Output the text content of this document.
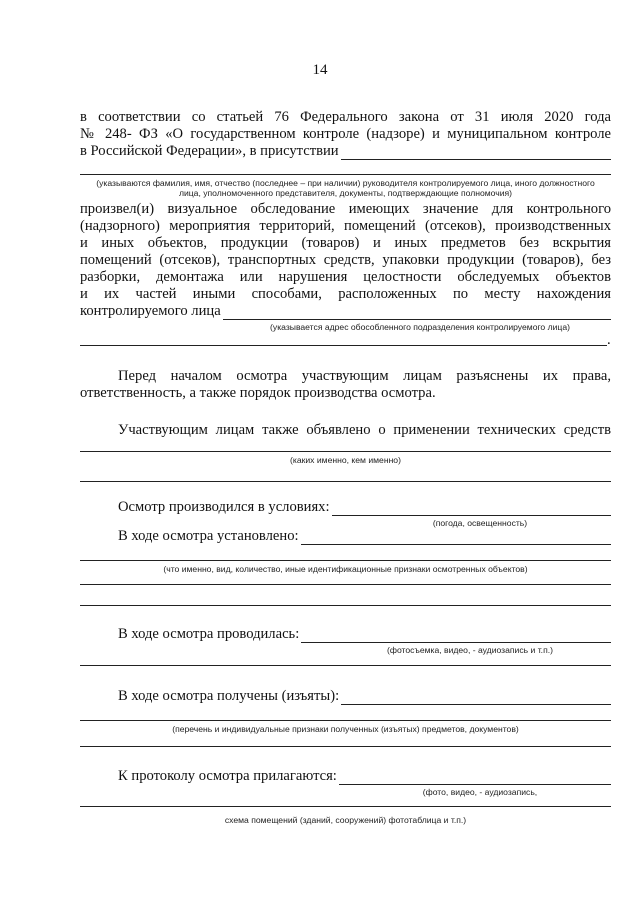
14
в соответствии со статьей 76 Федерального закона от 31 июля 2020 года
№ 248- ФЗ «О государственном контроле (надзоре) и муниципальном контроле
в Российской Федерации», в присутствии
(указываются фамилия, имя, отчество (последнее – при наличии) руководителя контролируемого лица, иного должностного
лица, уполномоченного представителя, документы, подтверждающие полномочия)
произвел(и) визуальное обследование имеющих значение для контрольного
(надзорного) мероприятия территорий, помещений (отсеков), производственных
и иных объектов, продукции (товаров) и иных предметов без вскрытия
помещений (отсеков), транспортных средств, упаковки продукции (товаров), без
разборки, демонтажа или нарушения целостности обследуемых объектов
и их частей иными способами, расположенных по месту нахождения
контролируемого лица
(указывается адрес обособленного подразделения контролируемого лица)
.
Перед началом осмотра участвующим лицам разъяснены их права,
ответственность, а также порядок производства осмотра.
Участвующим лицам также объявлено о применении технических средств
(каких именно, кем именно)
Осмотр производился в условиях:
(погода, освещенность)
В ходе осмотра установлено:
(что именно, вид, количество, иные идентификационные признаки осмотренных объектов)
В ходе осмотра проводилась:
(фотосъемка, видео, - аудиозапись и т.п.)
В ходе осмотра получены (изъяты):
(перечень и индивидуальные признаки полученных (изъятых) предметов, документов)
К протоколу осмотра прилагаются:
(фото, видео, - аудиозапись,
схема помещений (зданий, сооружений) фототаблица и т.п.)
